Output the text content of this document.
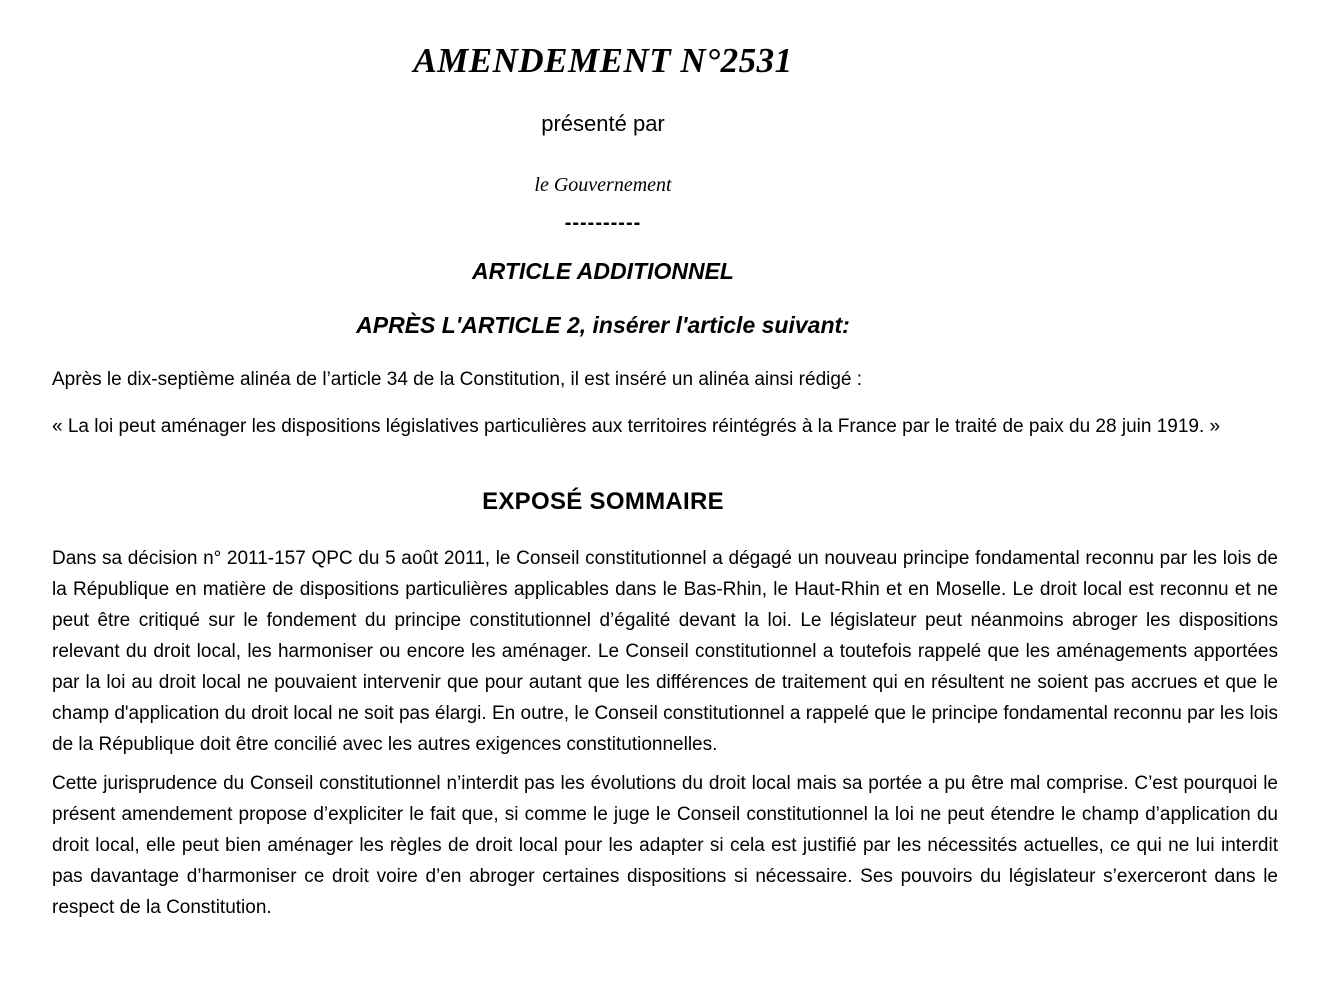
AMENDEMENT N°2531

présenté par

le Gouvernement

----------

ARTICLE ADDITIONNEL
APRÈS L'ARTICLE 2, insérer l'article suivant:

Après le dix-septième alinéa de l’article 34 de la Constitution, il est inséré un alinéa ainsi rédigé :

« La loi peut aménager les dispositions législatives particulières aux territoires réintégrés à la France par le traité de paix du 28 juin 1919. »

EXPOSÉ SOMMAIRE

Dans sa décision n° 2011-157 QPC du 5 août 2011, le Conseil constitutionnel a dégagé un nouveau principe fondamental reconnu par les lois de la République en matière de dispositions particulières applicables dans le Bas-Rhin, le Haut-Rhin et en Moselle. Le droit local est reconnu et ne peut être critiqué sur le fondement du principe constitutionnel d’égalité devant la loi. Le législateur peut néanmoins abroger les dispositions relevant du droit local, les harmoniser ou encore les aménager. Le Conseil constitutionnel a toutefois rappelé que les aménagements apportées par la loi au droit local ne pouvaient intervenir que pour autant que les différences de traitement qui en résultent ne soient pas accrues et que le champ d'application du droit local ne soit pas élargi. En outre, le Conseil constitutionnel a rappelé que le principe fondamental reconnu par les lois de la République doit être concilié avec les autres exigences constitutionnelles.

Cette jurisprudence du Conseil constitutionnel n’interdit pas les évolutions du droit local mais sa portée a pu être mal comprise. C’est pourquoi le présent amendement propose d’expliciter le fait que, si comme le juge le Conseil constitutionnel la loi ne peut étendre le champ d’application du droit local, elle peut bien aménager les règles de droit local pour les adapter si cela est justifié par les nécessités actuelles, ce qui ne lui interdit pas davantage d’harmoniser ce droit voire d’en abroger certaines dispositions si nécessaire. Ses pouvoirs du législateur s’exerceront dans le respect de la Constitution.
